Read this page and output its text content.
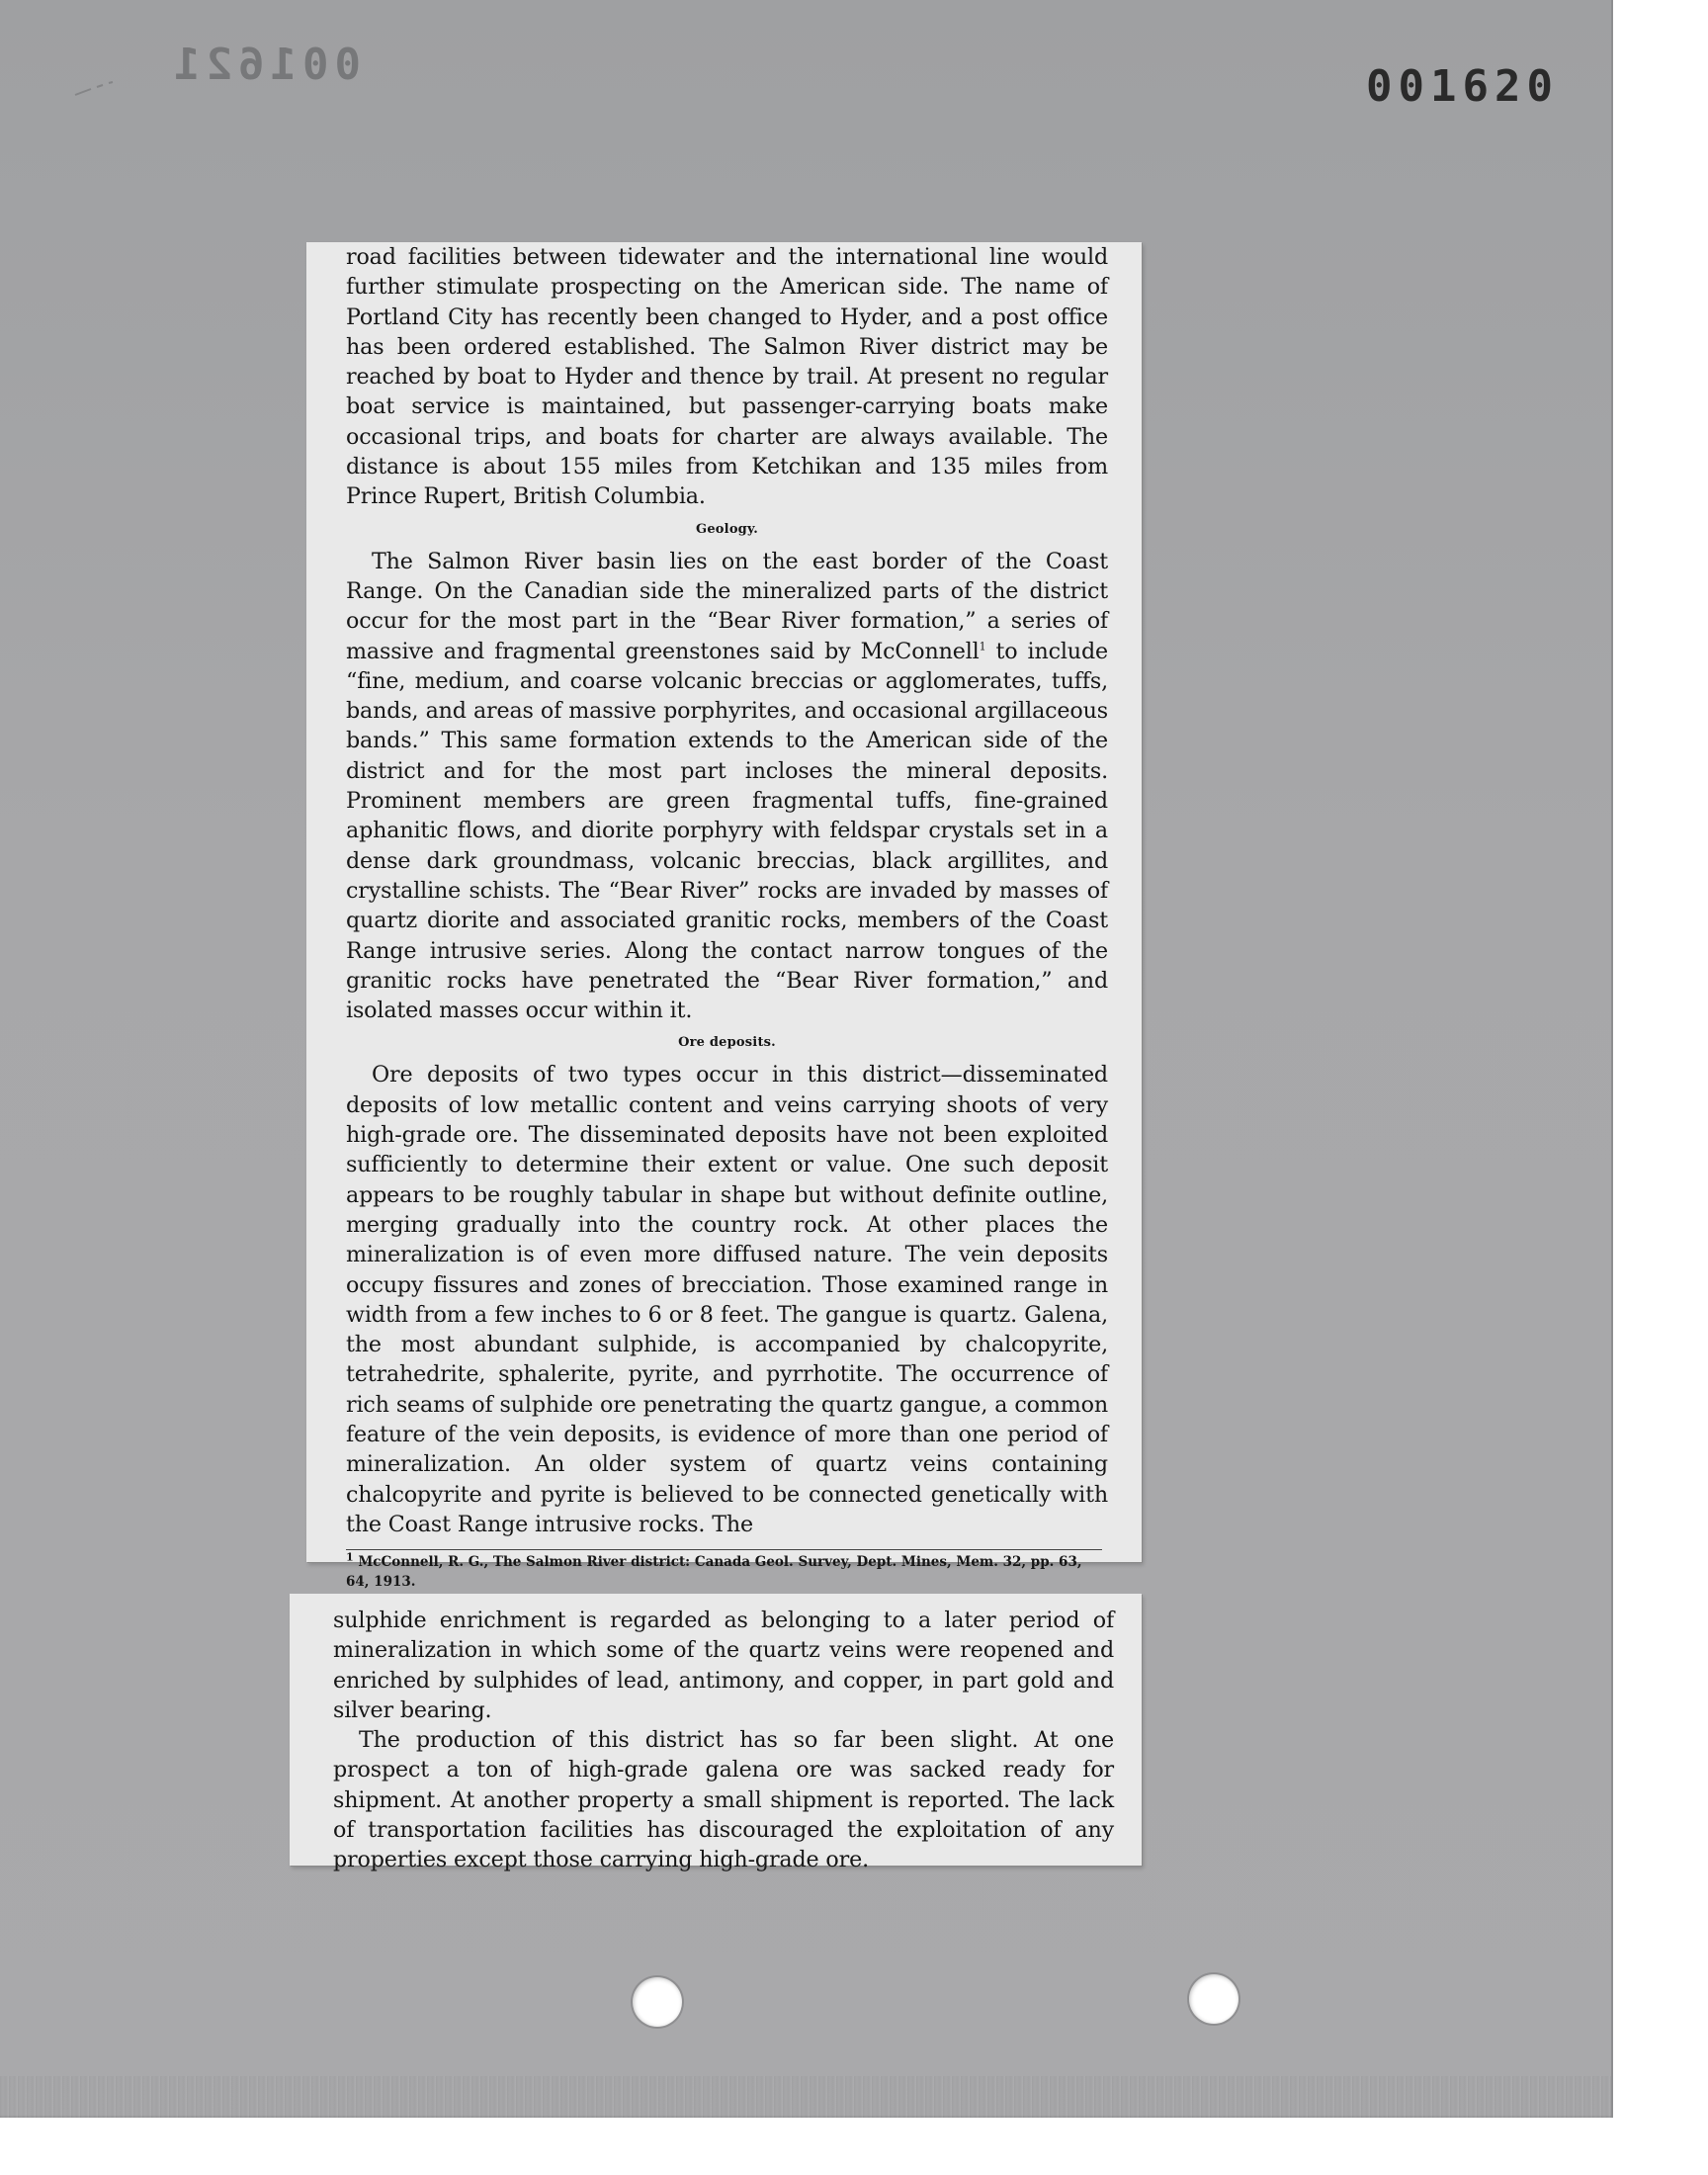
001621	001620

road facilities between tidewater and the international line would further stimulate prospecting on the American side. The name of Portland City has recently been changed to Hyder, and a post office has been ordered established. The Salmon River district may be reached by boat to Hyder and thence by trail. At present no regular boat service is maintained, but passenger-carrying boats make occasional trips, and boats for charter are always available. The distance is about 155 miles from Ketchikan and 135 miles from Prince Rupert, British Columbia.

Geology.

The Salmon River basin lies on the east border of the Coast Range. On the Canadian side the mineralized parts of the district occur for the most part in the “Bear River formation,” a series of massive and fragmental greenstones said by McConnell$^1$ to include “fine, medium, and coarse volcanic breccias or agglomerates, tuffs, bands, and areas of massive porphyrites, and occasional argillaceous bands.” This same formation extends to the American side of the district and for the most part incloses the mineral deposits. Prominent members are green fragmental tuffs, fine-grained aphanitic flows, and diorite porphyry with feldspar crystals set in a dense dark groundmass, volcanic breccias, black argillites, and crystalline schists. The “Bear River” rocks are invaded by masses of quartz diorite and associated granitic rocks, members of the Coast Range intrusive series. Along the contact narrow tongues of the granitic rocks have penetrated the “Bear River formation,” and isolated masses occur within it.

Ore deposits.

Ore deposits of two types occur in this district—disseminated deposits of low metallic content and veins carrying shoots of very high-grade ore. The disseminated deposits have not been exploited sufficiently to determine their extent or value. One such deposit appears to be roughly tabular in shape but without definite outline, merging gradually into the country rock. At other places the mineralization is of even more diffused nature. The vein deposits occupy fissures and zones of brecciation. Those examined range in width from a few inches to 6 or 8 feet. The gangue is quartz. Galena, the most abundant sulphide, is accompanied by chalcopyrite, tetrahedrite, sphalerite, pyrite, and pyrrhotite. The occurrence of rich seams of sulphide ore penetrating the quartz gangue, a common feature of the vein deposits, is evidence of more than one period of mineralization. An older system of quartz veins containing chalcopyrite and pyrite is believed to be connected genetically with the Coast Range intrusive rocks. The

$^1$ McConnell, R. G., The Salmon River district: Canada Geol. Survey, Dept. Mines, Mem. 32, pp. 63, 64, 1913.

sulphide enrichment is regarded as belonging to a later period of mineralization in which some of the quartz veins were reopened and enriched by sulphides of lead, antimony, and copper, in part gold and silver bearing.

The production of this district has so far been slight. At one prospect a ton of high-grade galena ore was sacked ready for shipment. At another property a small shipment is reported. The lack of transportation facilities has discouraged the exploitation of any properties except those carrying high-grade ore.
